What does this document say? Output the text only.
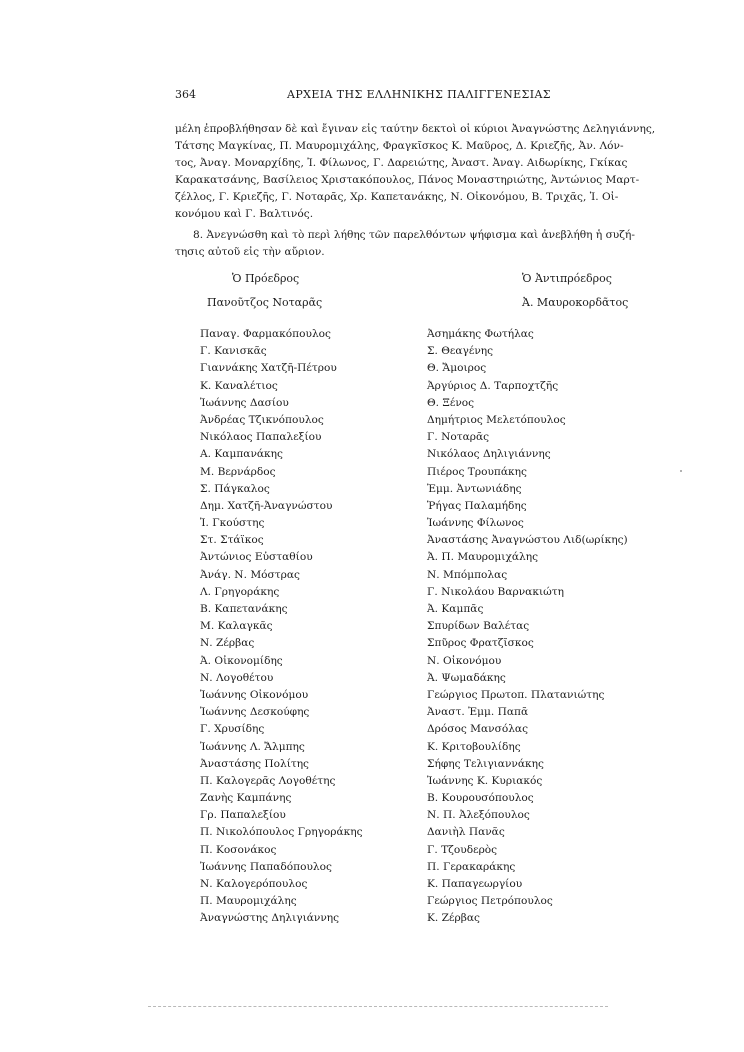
364	ΑΡΧΕΙΑ ΤΗΣ ΕΛΛΗΝΙΚΗΣ ΠΑΛΙΓΓΕΝΕΣΙΑΣ
μέλη ἐπροβλήθησαν δὲ καὶ ἔγιναν εἰς ταύτην δεκτοὶ οἱ κύριοι Ἀναγνώστης Δεληγιάννης,
Τάτσης Μαγκίνας, Π. Μαυρομιχάλης, Φραγκῖσκος Κ. Μαῦρος, Δ. Κριεζῆς, Ἀν. Λόν-
τος, Ἀναγ. Μοναρχίδης, Ἰ. Φίλωνος, Γ. Δαρειώτης, Ἀναστ. Ἀναγ. Αιδωρίκης, Γκίκας
Καρακατσάνης, Βασίλειος Χριστακόπουλος, Πάνος Μοναστηριώτης, Ἀντώνιος Μαρτ-
ζέλλος, Γ. Κριεζῆς, Γ. Νοταρᾶς, Χρ. Καπετανάκης, Ν. Οἰκονόμου, Β. Τριχᾶς, Ἰ. Οἰ-
κονόμου καὶ Γ. Βαλτινός.
8. Ἀνεγνώσθη καὶ τὸ περὶ λήθης τῶν παρελθόντων ψήφισμα καὶ ἀνεβλήθη ἡ συζή-
τησις αὐτοῦ εἰς τὴν αὔριον.
Ὁ Πρόεδρος
Πανοῦτζος Νοταρᾶς
Ὁ Ἀντιπρόεδρος
Ἀ. Μαυροκορδᾶτος
Παναγ. Φαρμακόπουλος
Γ. Κανισκᾶς
Γιαννάκης Χατζῆ-Πέτρου
Κ. Καναλέτιος
Ἰωάννης Δασίου
Ἀνδρέας Τζικνόπουλος
Νικόλαος Παπαλεξίου
Α. Καμπανάκης
Μ. Βερνάρδος
Σ. Πάγκαλος
Δημ. Χατζῆ-Ἀναγνώστου
Ἰ. Γκούστης
Στ. Στάϊκος
Ἀντώνιος Εὐσταθίου
Ἀνάγ. Ν. Μόστρας
Λ. Γρηγοράκης
Β. Καπετανάκης
Μ. Καλαγκᾶς
Ν. Ζέρβας
Ἀ. Οἰκονομίδης
Ν. Λογοθέτου
Ἰωάννης Οἰκονόμου
Ἰωάννης Δεσκούφης
Γ. Χρυσίδης
Ἰωάννης Λ. Ἄλμπης
Ἀναστάσης Πολίτης
Π. Καλογερᾶς Λογοθέτης
Ζανὴς Καμπάνης
Γρ. Παπαλεξίου
Π. Νικολόπουλος Γρηγοράκης
Π. Κοσονάκος
Ἰωάννης Παπαδόπουλος
Ν. Καλογερόπουλος
Π. Μαυρομιχάλης
Ἀναγνώστης Δηλιγιάννης
Ἀσημάκης Φωτήλας
Σ. Θεαγένης
Θ. Ἄμοιρος
Ἀργύριος Δ. Ταρποχτζῆς
Θ. Ξένος
Δημήτριος Μελετόπουλος
Γ. Νοταρᾶς
Νικόλαος Δηλιγιάννης
Πιέρος Τρουπάκης
Ἐμμ. Ἀντωνιάδης
Ῥήγας Παλαμήδης
Ἰωάννης Φίλωνος
Ἀναστάσης Ἀναγνώστου Λιδ(ωρίκης)
Ἀ. Π. Μαυρομιχάλης
Ν. Μπόμπολας
Γ. Νικολάου Βαρνακιώτη
Ἀ. Καμπᾶς
Σπυρίδων Βαλέτας
Σπῦρος Φρατζῖσκος
Ν. Οἰκονόμου
Ἀ. Ψωμαδάκης
Γεώργιος Πρωτοπ. Πλατανιώτης
Ἀναστ. Ἐμμ. Παπᾶ
Δρόσος Μανσόλας
Κ. Κριτοβουλίδης
Σήφης Τελιγιαννάκης
Ἰωάννης Κ. Κυριακός
Β. Κουρουσόπουλος
Ν. Π. Ἀλεξόπουλος
Δανιὴλ Πανᾶς
Γ. Τζουδερὸς
Π. Γερακαράκης
Κ. Παπαγεωργίου
Γεώργιος Πετρόπουλος
Κ. Ζέρβας
